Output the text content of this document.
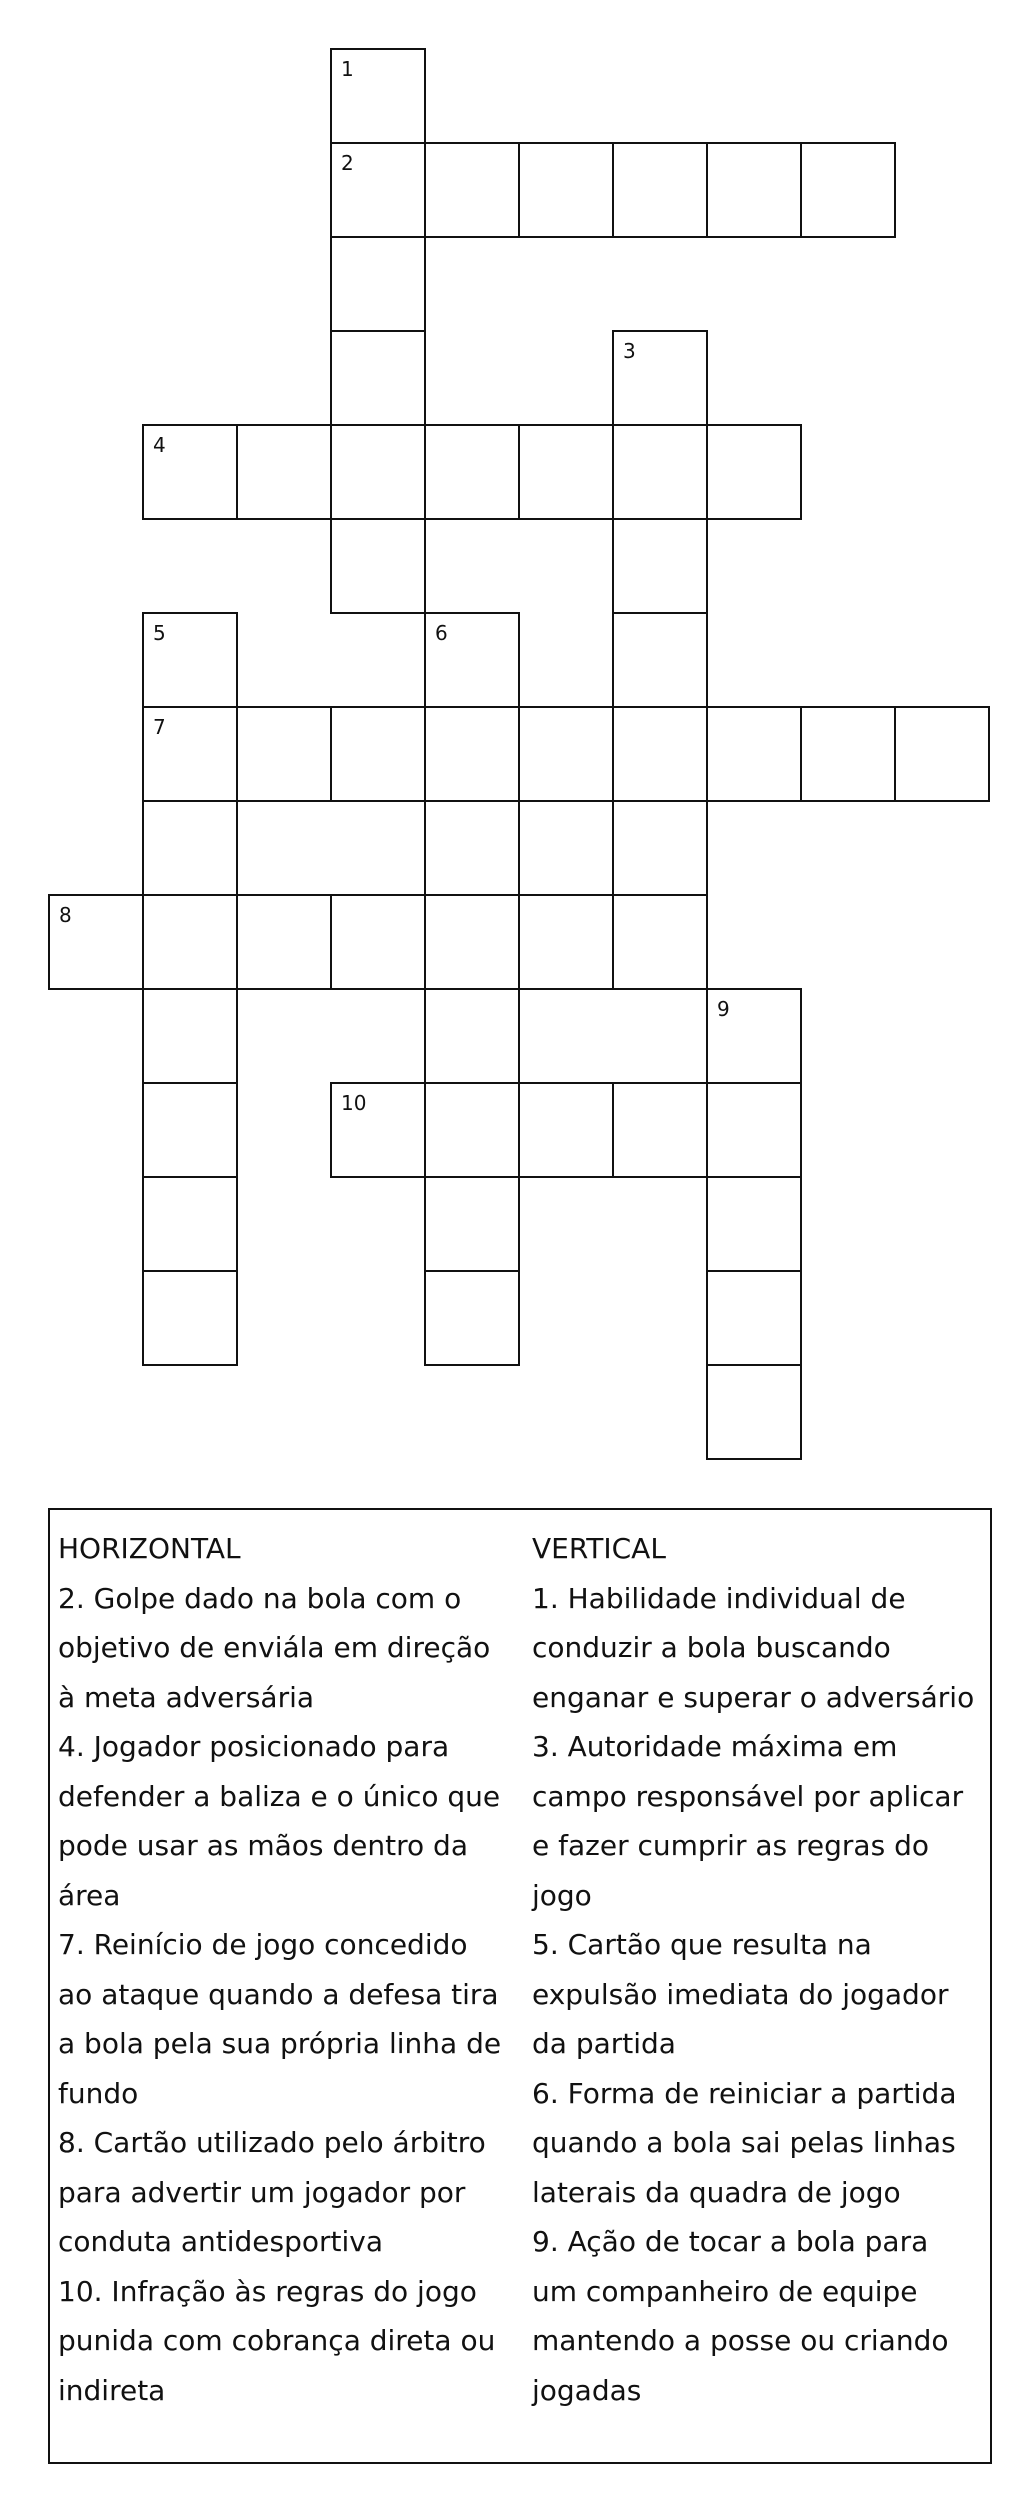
1
2
3
4
5	6
7
8
9
10

HORIZONTAL

2. Golpe dado na bola com o objetivo de enviála em direção à meta adversária

4. Jogador posicionado para defender a baliza e o único que pode usar as mãos dentro da área

7. Reinício de jogo concedido ao ataque quando a defesa tira a bola pela sua própria linha de fundo

8. Cartão utilizado pelo árbitro para advertir um jogador por conduta antidesportiva

10. Infração às regras do jogo punida com cobrança direta ou indireta

VERTICAL

1. Habilidade individual de conduzir a bola buscando enganar e superar o adversário

3. Autoridade máxima em campo responsável por aplicar e fazer cumprir as regras do jogo

5. Cartão que resulta na expulsão imediata do jogador da partida

6. Forma de reiniciar a partida quando a bola sai pelas linhas laterais da quadra de jogo

9. Ação de tocar a bola para um companheiro de equipe mantendo a posse ou criando jogadas
